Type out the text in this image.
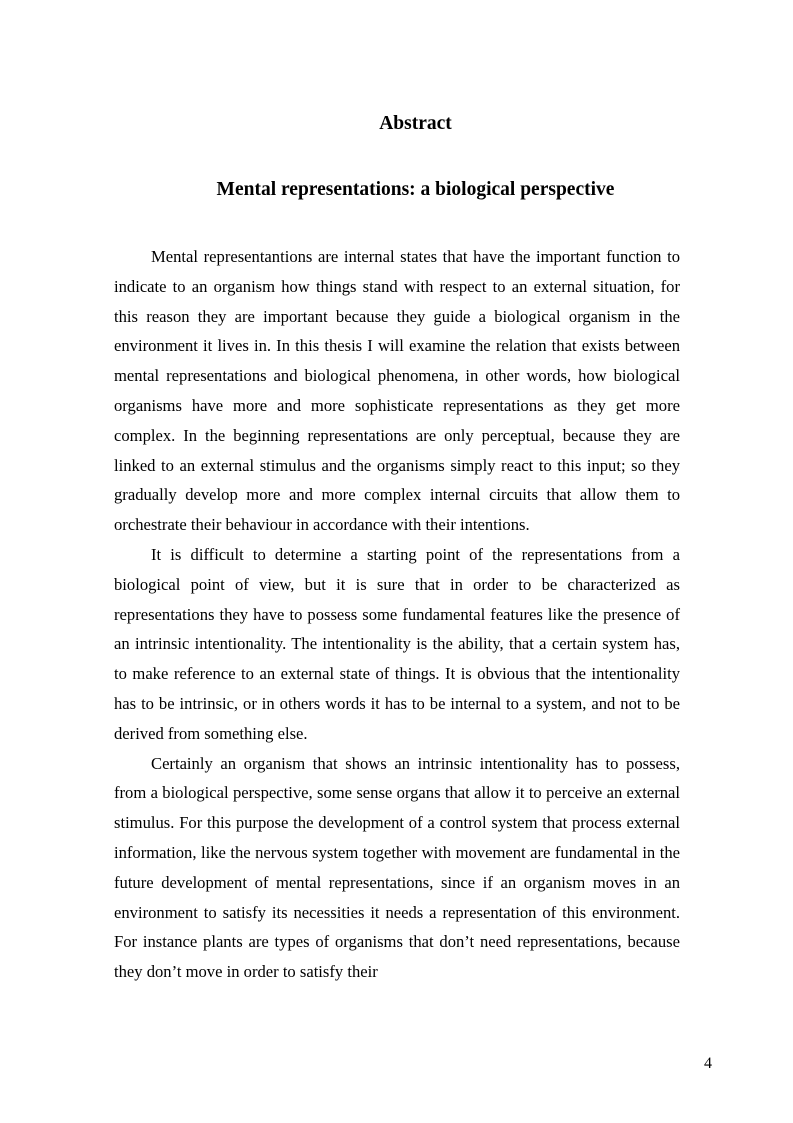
Abstract
Mental representations: a biological perspective

Mental representantions are internal states that have the important function to indicate to an organism how things stand with respect to an external situation, for this reason they are important because they guide a biological organism in the environment it lives in. In this thesis I will examine the relation that exists between mental representations and biological phenomena, in other words, how biological organisms have more and more sophisticate representations as they get more complex. In the beginning representations are only perceptual, because they are linked to an external stimulus and the organisms simply react to this input; so they gradually develop more and more complex internal circuits that allow them to orchestrate their behaviour in accordance with their intentions.

It is difficult to determine a starting point of the representations from a biological point of view, but it is sure that in order to be characterized as representations they have to possess some fundamental features like the presence of an intrinsic intentionality. The intentionality is the ability, that a certain system has, to make reference to an external state of things. It is obvious that the intentionality has to be intrinsic, or in others words it has to be internal to a system, and not to be derived from something else.

Certainly an organism that shows an intrinsic intentionality has to possess, from a biological perspective, some sense organs that allow it to perceive an external stimulus. For this purpose the development of a control system that process external information, like the nervous system together with movement are fundamental in the future development of mental representations, since if an organism moves in an environment to satisfy its necessities it needs a representation of this environment. For instance plants are types of organisms that don’t need representations, because they don’t move in order to satisfy their

4
